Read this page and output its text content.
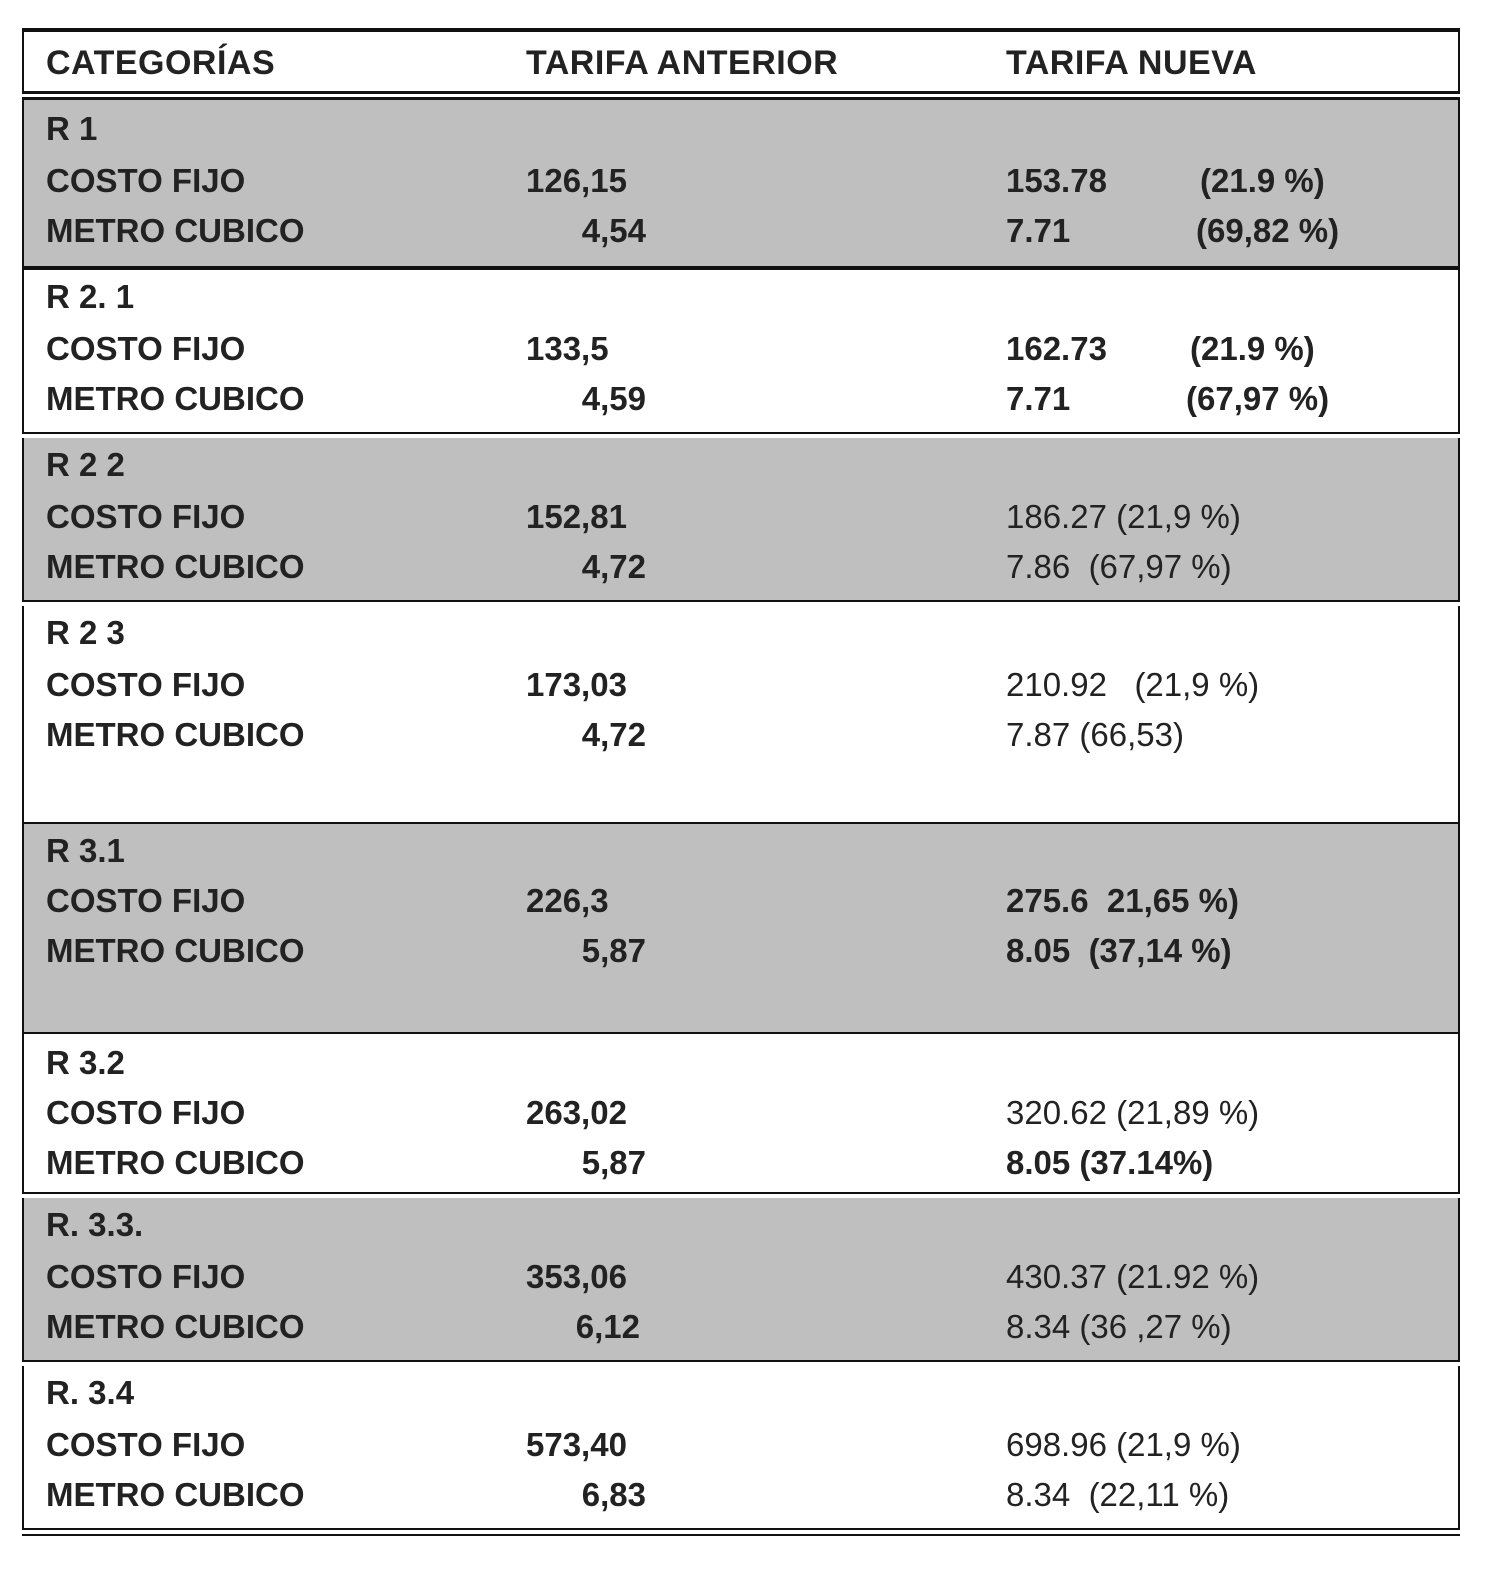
CATEGORÍAS	TARIFA ANTERIOR	TARIFA NUEVA
R 1
COSTO FIJO	126,15	153.78	(21.9 %)
METRO CUBICO	4,54	7.71	(69,82 %)
R 2. 1
COSTO FIJO	133,5	162.73	(21.9 %)
METRO CUBICO	4,59	7.71	(67,97 %)
R 2 2
COSTO FIJO	152,81	186.27 (21,9 %)
METRO CUBICO	4,72	7.86  (67,97 %)
R 2 3
COSTO FIJO	173,03	210.92   (21,9 %)
METRO CUBICO	4,72	7.87 (66,53)
R 3.1
COSTO FIJO	226,3	275.6  21,65 %)
METRO CUBICO	5,87	8.05  (37,14 %)
R 3.2
COSTO FIJO	263,02	320.62 (21,89 %)
METRO CUBICO	5,87	8.05 (37.14%)
R. 3.3.
COSTO FIJO	353,06	430.37 (21.92 %)
METRO CUBICO	6,12	8.34 (36 ,27 %)
R. 3.4
COSTO FIJO	573,40	698.96 (21,9 %)
METRO CUBICO	6,83	8.34  (22,11 %)
